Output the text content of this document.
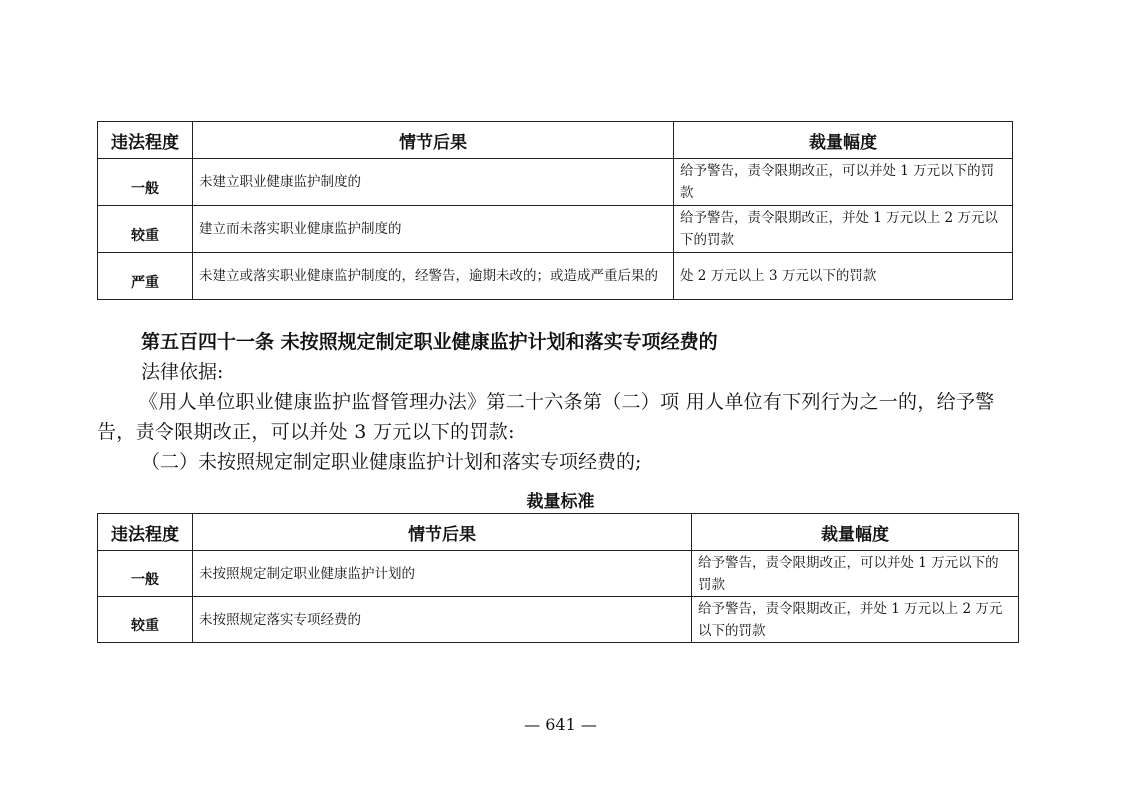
违法程度	情节后果	裁量幅度
一般	未建立职业健康监护制度的	给予警告，责令限期改正，可以并处 1 万元以下的罚款
较重	建立而未落实职业健康监护制度的	给予警告，责令限期改正，并处 1 万元以上 2 万元以下的罚款
严重	未建立或落实职业健康监护制度的，经警告，逾期未改的；或造成严重后果的	处 2 万元以上 3 万元以下的罚款
第五百四十一条 未按照规定制定职业健康监护计划和落实专项经费的
法律依据:
《用人单位职业健康监护监督管理办法》第二十六条第（二）项 用人单位有下列行为之一的，给予警告，责令限期改正，可以并处 3 万元以下的罚款:
（二）未按照规定制定职业健康监护计划和落实专项经费的;
裁量标准
违法程度	情节后果	裁量幅度
一般	未按照规定制定职业健康监护计划的	给予警告，责令限期改正，可以并处 1 万元以下的罚款
较重	未按照规定落实专项经费的	给予警告，责令限期改正，并处 1 万元以上 2 万元以下的罚款
— 641 —
